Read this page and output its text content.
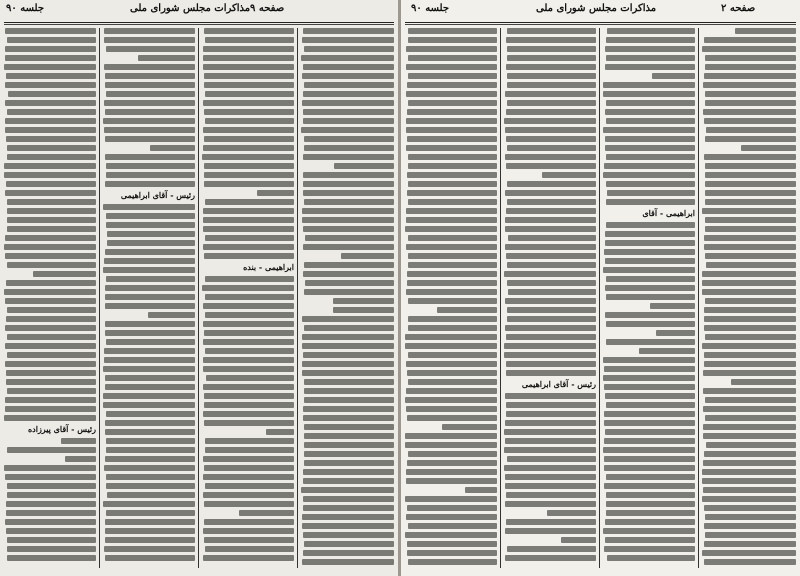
جلسه ۹۰	مذاکرات مجلس شورای ملی صفحه ۹
رئیس - آقای پیرزاده
رئیس - آقای ابراهیمی
ابراهیمی - بنده
جلسه ۹۰	مذاکرات مجلس شورای ملی	صفحه ۲
رئیس - آقای ابراهیمی
ابراهیمی - آقای
